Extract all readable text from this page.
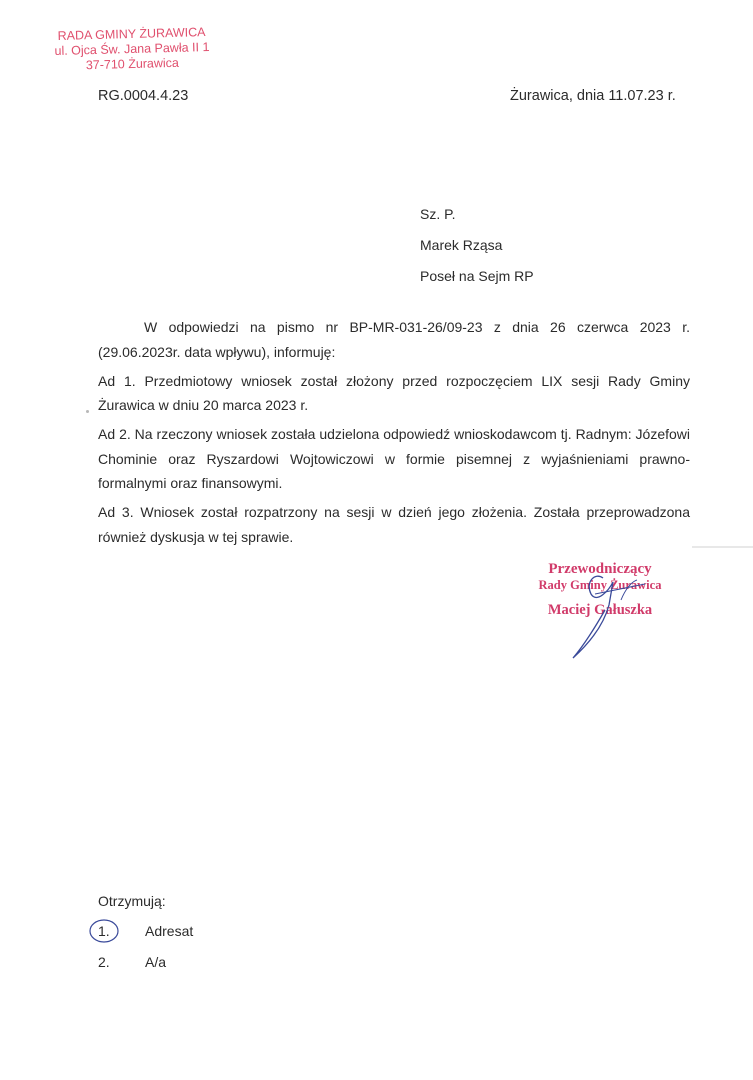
RADA GMINY ŻURAWICA
ul. Ojca Św. Jana Pawła II 1
37-710 Żurawica
RG.0004.4.23	Żurawica, dnia 11.07.23 r.
Sz. P.
Marek Rząsa
Poseł na Sejm RP

W odpowiedzi na pismo nr BP-MR-031-26/09-23 z dnia 26 czerwca 2023 r. (29.06.2023r. data wpływu), informuję:

Ad 1. Przedmiotowy wniosek został złożony przed rozpoczęciem LIX sesji Rady Gminy Żurawica w dniu 20 marca 2023 r.

Ad 2. Na rzeczony wniosek została udzielona odpowiedź wnioskodawcom tj. Radnym: Józefowi Chominie oraz Ryszardowi Wojtowiczowi w formie pisemnej z wyjaśnieniami prawno-formalnymi oraz finansowymi.

Ad 3. Wniosek został rozpatrzony na sesji w dzień jego złożenia. Została przeprowadzona również dyskusja w tej sprawie.

Przewodniczący
Rady Gminy Żurawica
Maciej Gałuszka
Otrzymują:
1.	Adresat
2.	A/a
